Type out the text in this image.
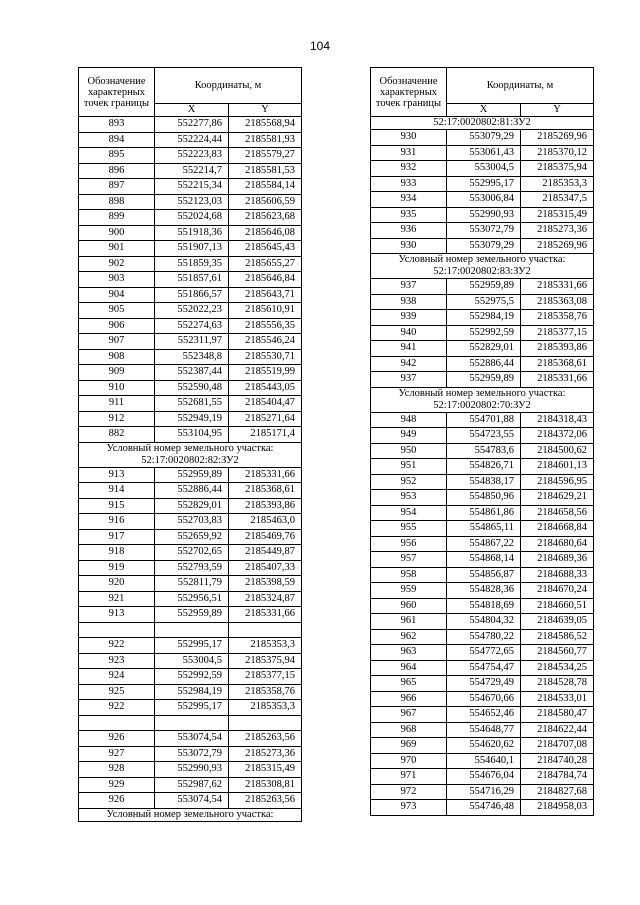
104
Обозначение характерных точек границы	Координаты, м	
	X	Y
893	552277,86	2185568,94
894	552224,44	2185581,93
895	552223,83	2185579,27
896	552214,7	2185581,53
897	552215,34	2185584,14
898	552123,03	2185606,59
899	552024,68	2185623,68
900	551918,36	2185646,08
901	551907,13	2185645,43
902	551859,35	2185655,27
903	551857,61	2185646,84
904	551866,57	2185643,71
905	552022,23	2185610,91
906	552274,63	2185556,35
907	552311,97	2185546,24
908	552348,8	2185530,71
909	552387,44	2185519,99
910	552590,48	2185443,05
911	552681,55	2185404,47
912	552949,19	2185271,64
882	553104,95	2185171,4
Условный номер земельного участка: 52:17:0020802:82:ЗУ2		
913	552959,89	2185331,66
914	552886,44	2185368,61
915	552829,01	2185393,86
916	552703,83	2185463,0
917	552659,92	2185469,76
918	552702,65	2185449,87
919	552793,59	2185407,33
920	552811,79	2185398,59
921	552956,51	2185324,87
913	552959,89	2185331,66

922	552995,17	2185353,3
923	553004,5	2185375,94
924	552992,59	2185377,15
925	552984,19	2185358,76
922	552995,17	2185353,3

926	553074,54	2185263,56
927	553072,79	2185273,36
928	552990,93	2185315,49
929	552987,62	2185308,81
926	553074,54	2185263,56
Условный номер земельного участка:		
Обозначение характерных точек границы	Координаты, м	
	X	Y
52:17:0020802:81:ЗУ2		
930	553079,29	2185269,96
931	553061,43	2185370,12
932	553004,5	2185375,94
933	552995,17	2185353,3
934	553006,84	2185347,5
935	552990,93	2185315,49
936	553072,79	2185273,36
930	553079,29	2185269,96
Условный номер земельного участка: 52:17:0020802:83:ЗУ2		
937	552959,89	2185331,66
938	552975,5	2185363,08
939	552984,19	2185358,76
940	552992,59	2185377,15
941	552829,01	2185393,86
942	552886,44	2185368,61
937	552959,89	2185331,66
Условный номер земельного участка: 52:17:0020802:70:ЗУ2		
948	554701,88	2184318,43
949	554723,55	2184372,06
950	554783,6	2184500,62
951	554826,71	2184601,13
952	554838,17	2184596,95
953	554850,96	2184629,21
954	554861,86	2184658,56
955	554865,11	2184668,84
956	554867,22	2184680,64
957	554868,14	2184689,36
958	554856,87	2184688,33
959	554828,36	2184670,24
960	554818,69	2184660,51
961	554804,32	2184639,05
962	554780,22	2184586,52
963	554772,65	2184560,77
964	554754,47	2184534,25
965	554729,49	2184528,78
966	554670,66	2184533,01
967	554652,46	2184580,47
968	554648,77	2184622,44
969	554620,62	2184707,08
970	554640,1	2184740,28
971	554676,04	2184784,74
972	554716,29	2184827,68
973	554746,48	2184958,03
